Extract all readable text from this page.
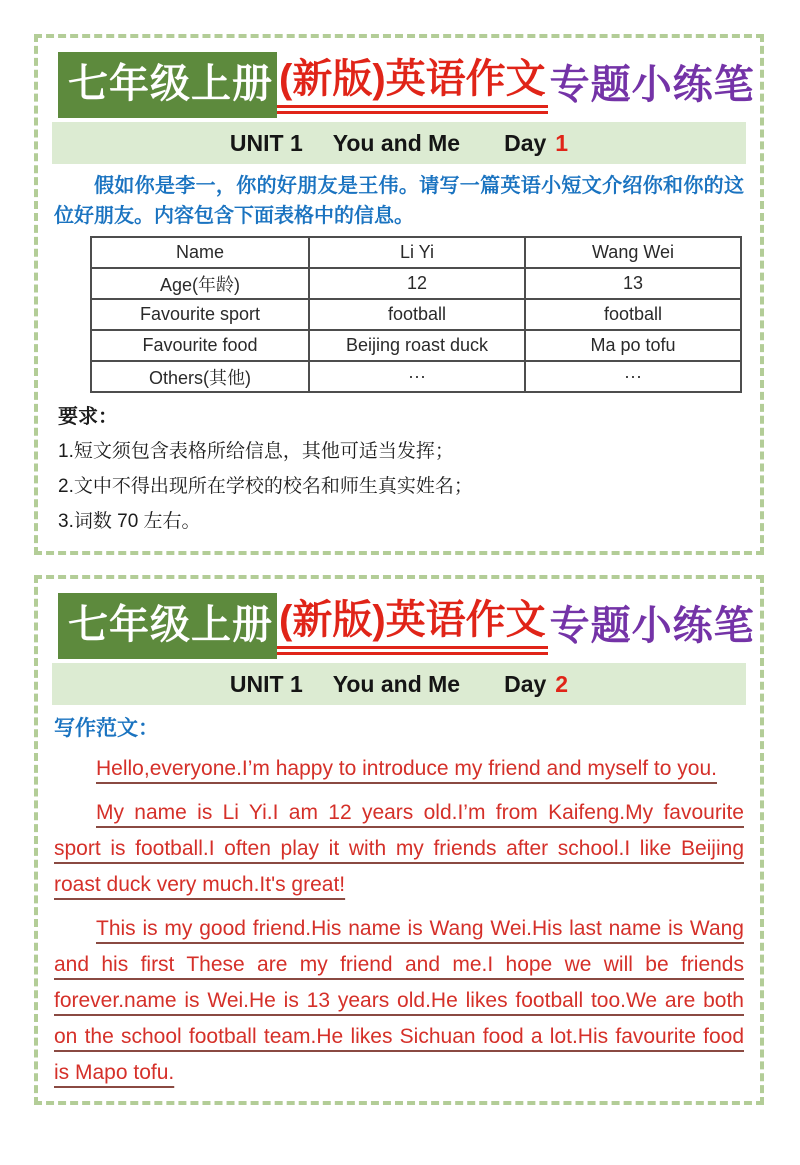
七年级上册 (新版)英语作文 专题小练笔
UNIT 1 You and Me Day 1

假如你是李一，你的好朋友是王伟。请写一篇英语小短文介绍你和你的这位好朋友。内容包含下面表格中的信息。

Name	Li Yi	Wang Wei
Age(年龄)	12	13
Favourite sport	football	football
Favourite food	Beijing roast duck	Ma po tofu
Others(其他)	···	···
要求：
1.短文须包含表格所给信息，其他可适当发挥；
2.文中不得出现所在学校的校名和师生真实姓名；
3.词数 70 左右。
七年级上册 (新版)英语作文 专题小练笔
UNIT 1 You and Me Day 2
写作范文：

Hello,everyone.I’m happy to introduce my friend and myself to you.

My name is Li Yi.I am 12 years old.I’m from Kaifeng.My favourite sport is football.I often play it with my friends after school.I like Beijing roast duck very much.It's great!

This is my good friend.His name is Wang Wei.His last name is Wang and his first These are my friend and me.I hope we will be friends forever.name is Wei.He is 13 years old.He likes football too.We are both on the school football team.He likes Sichuan food a lot.His favourite food is Mapo tofu.
